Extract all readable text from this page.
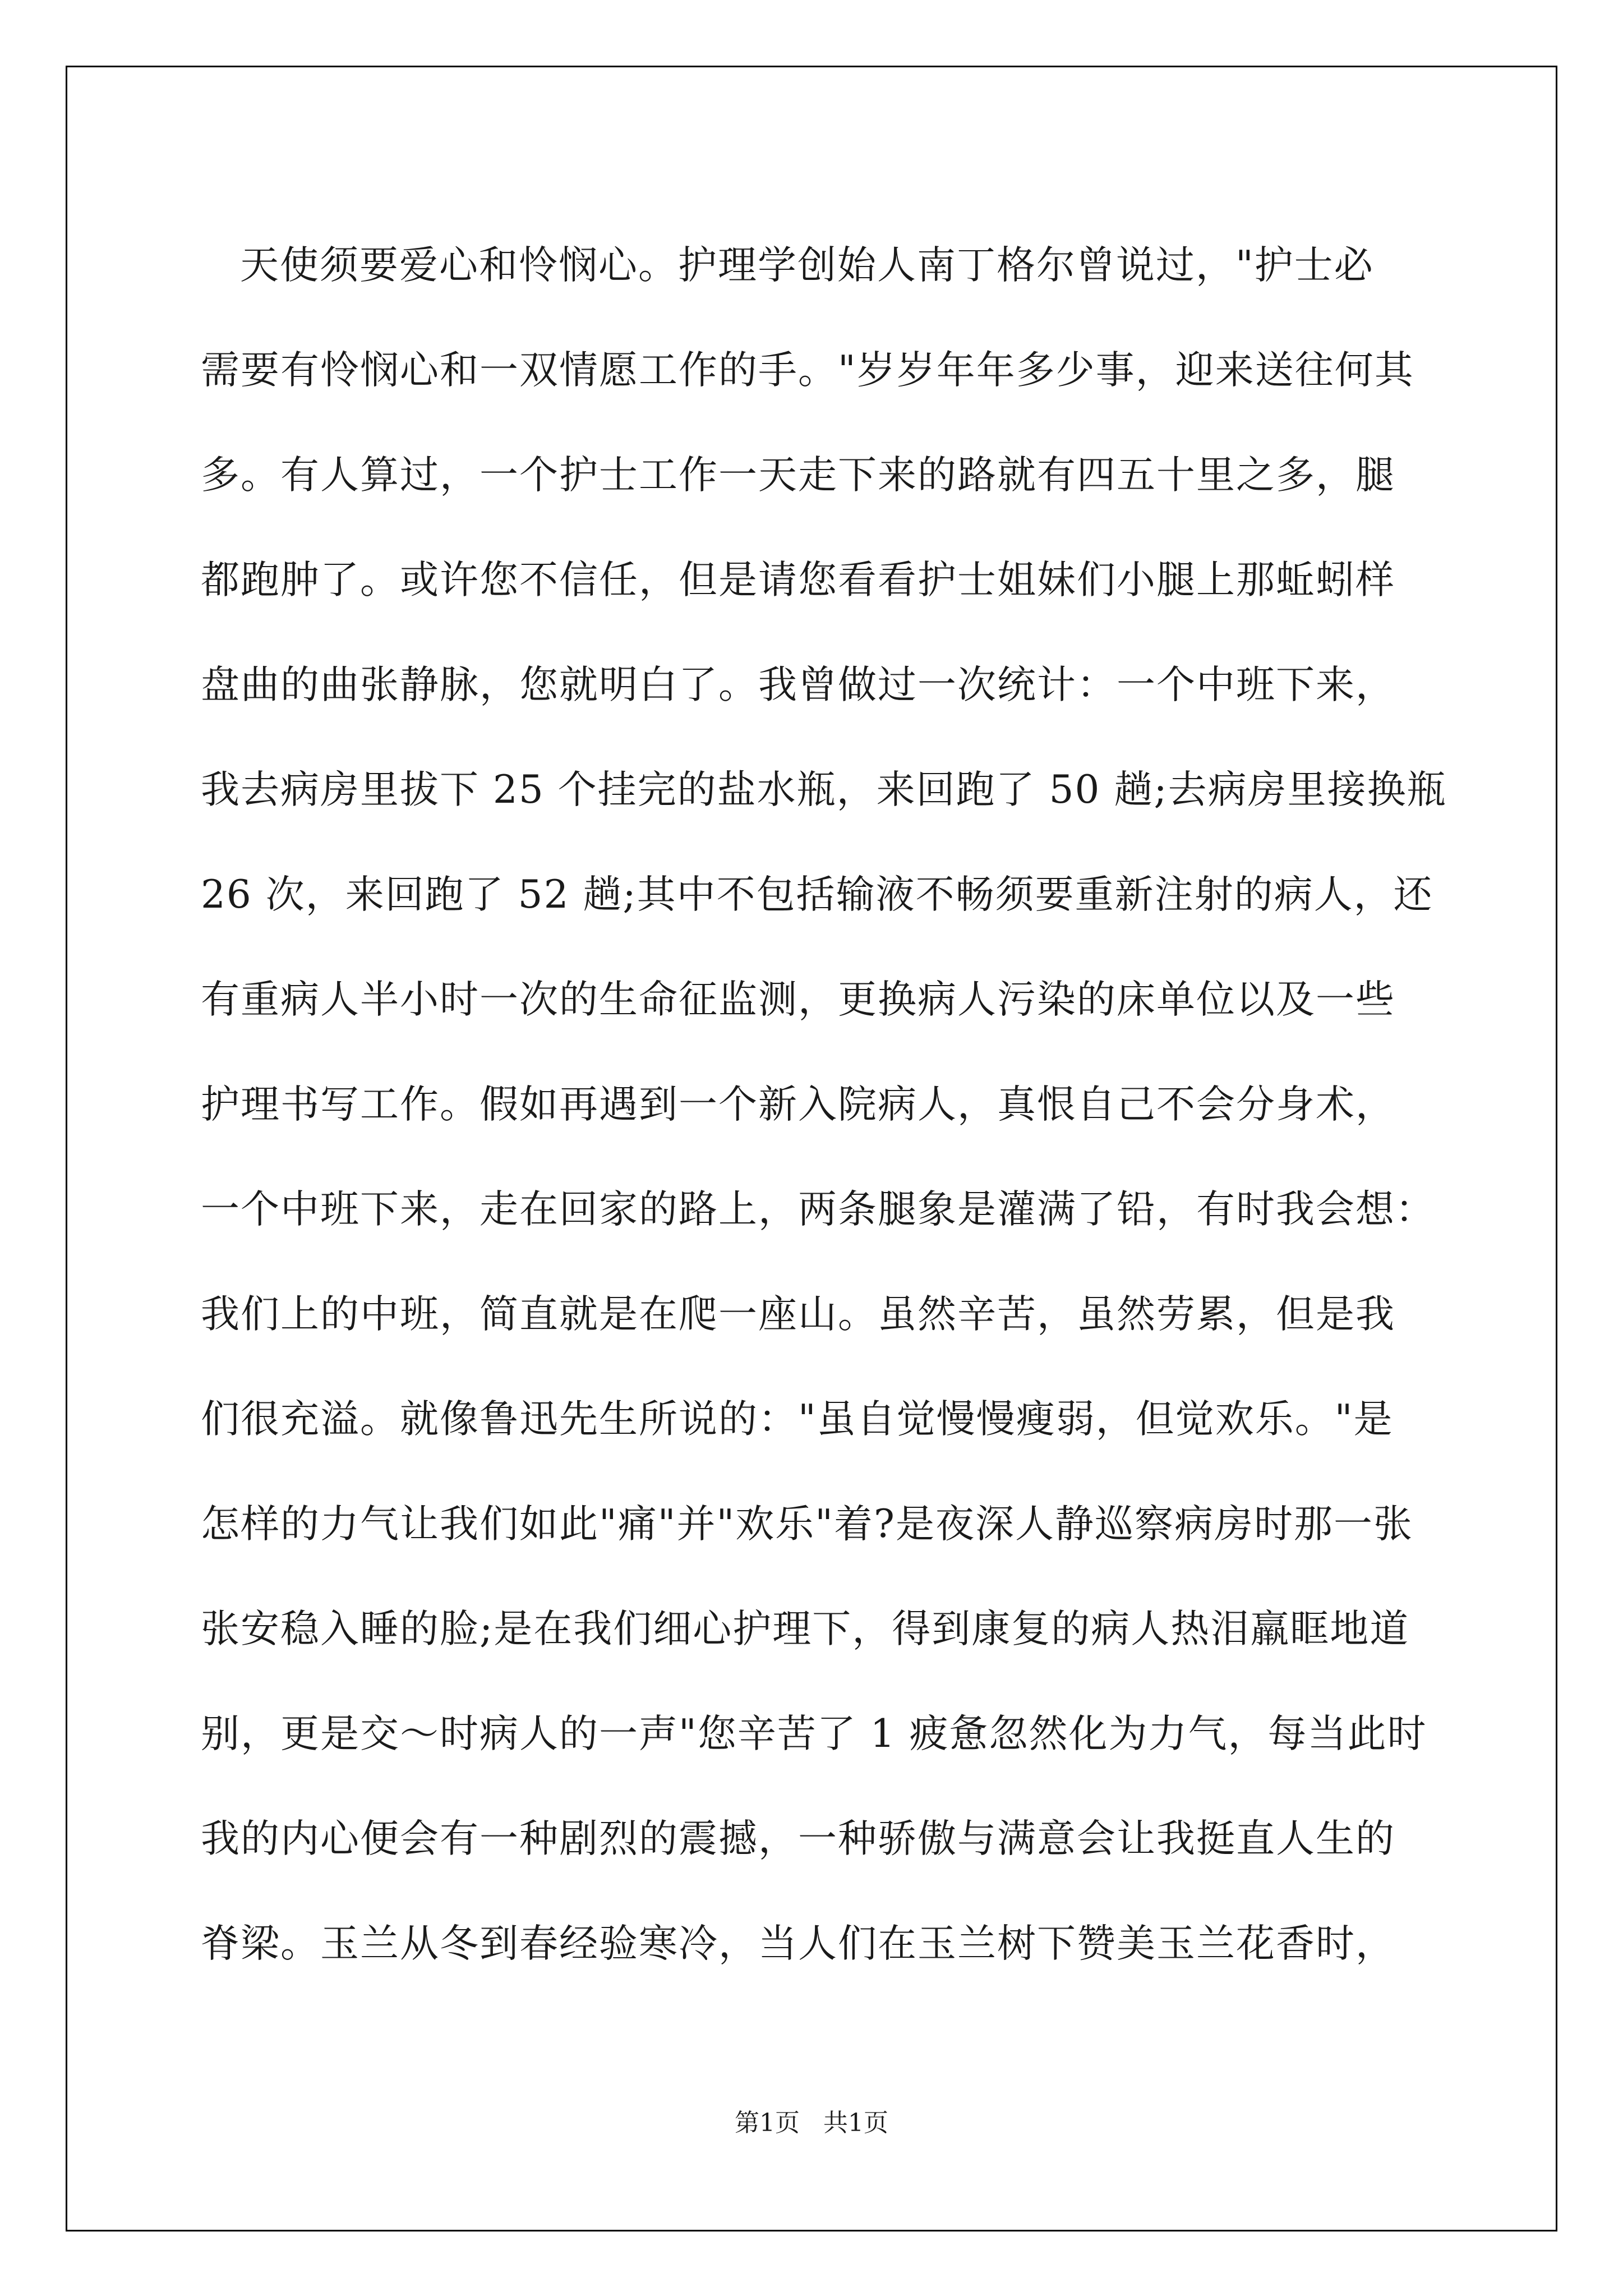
天使须要爱心和怜悯心。护理学创始人南丁格尔曾说过，"护士必
需要有怜悯心和一双情愿工作的手。"岁岁年年多少事，迎来送往何其
多。有人算过，一个护士工作一天走下来的路就有四五十里之多，腿
都跑肿了。或许您不信任，但是请您看看护士姐妹们小腿上那蚯蚓样
盘曲的曲张静脉，您就明白了。我曾做过一次统计：一个中班下来，
我去病房里拔下 25 个挂完的盐水瓶，来回跑了 50 趟;去病房里接换瓶
26 次，来回跑了 52 趟;其中不包括输液不畅须要重新注射的病人，还
有重病人半小时一次的生命征监测，更换病人污染的床单位以及一些
护理书写工作。假如再遇到一个新入院病人，真恨自己不会分身术，
一个中班下来，走在回家的路上，两条腿象是灌满了铅，有时我会想：
我们上的中班，简直就是在爬一座山。虽然辛苦，虽然劳累，但是我
们很充溢。就像鲁迅先生所说的："虽自觉慢慢瘦弱，但觉欢乐。"是
怎样的力气让我们如此"痛"并"欢乐"着?是夜深人静巡察病房时那一张
张安稳入睡的脸;是在我们细心护理下，得到康复的病人热泪羸眶地道
别，更是交～时病人的一声"您辛苦了 1 疲惫忽然化为力气，每当此时
我的内心便会有一种剧烈的震撼，一种骄傲与满意会让我挺直人生的
脊梁。玉兰从冬到春经验寒冷，当人们在玉兰树下赞美玉兰花香时，
第1页   共1页
